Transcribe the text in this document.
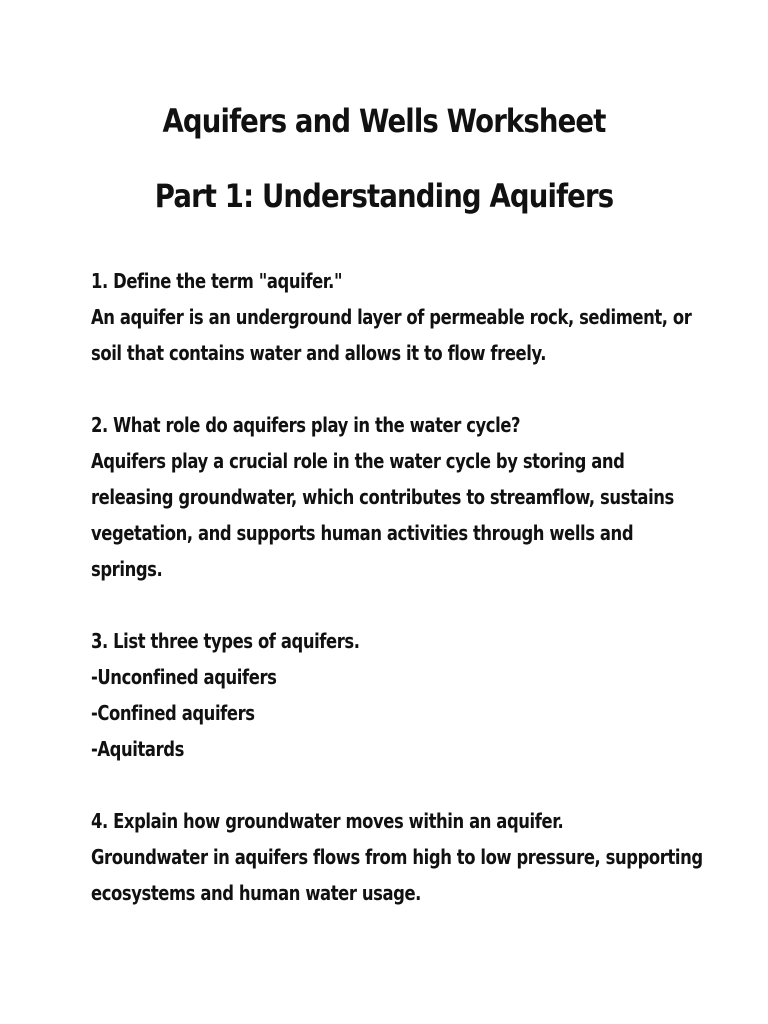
Aquifers and Wells Worksheet
Part 1: Understanding Aquifers
1. Define the term "aquifer."
An aquifer is an underground layer of permeable rock, sediment, or
soil that contains water and allows it to flow freely.
2. What role do aquifers play in the water cycle?
Aquifers play a crucial role in the water cycle by storing and
releasing groundwater, which contributes to streamflow, sustains
vegetation, and supports human activities through wells and
springs.
3. List three types of aquifers.
-Unconfined aquifers
-Confined aquifers
-Aquitards
4. Explain how groundwater moves within an aquifer.
Groundwater in aquifers flows from high to low pressure, supporting
ecosystems and human water usage.
